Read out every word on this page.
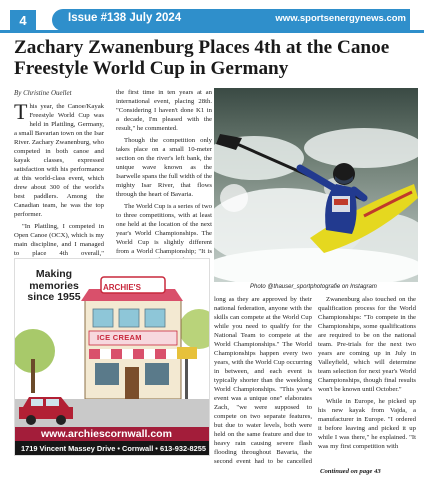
4	Issue #138 July 2024	www.sportsenergynews.com
Zachary Zwanenburg Places 4th at the Canoe Freestyle World Cup in Germany
By Christine Ouellet

This year, the Canoe/Kayak Freestyle World Cup was held in Plattling, Germany, a small Bavarian town on the Isar River. Zachary Zwanenburg, who competed in both canoe and kayak classes, expressed satisfaction with his performance at this world-class event, which drew about 300 of the world's best paddlers. Among the Canadian team, he was the top performer.

"In Plattling, I competed in Open Canoe (OCX), which is my main discipline, and I managed to place 4th overall,"

the first time in ten years at an international event, placing 28th. "Considering I haven't done K1 in a decade, I'm pleased with the result," he commented.

Though the competition only takes place on a small 10-meter section on the river's left bank, the unique wave known as the Isarwelle spans the full width of the mighty Isar River, that flows through the heart of Bavaria.

The World Cup is a series of two to three competitions, with at least one held at the location of the next year's World Championships. The World Cup is slightly different from a World Championship; "It is

Photo @thauser_sportphotografie on Instagram
Making memories since 1955
ARCHIE'S
ICE CREAM
www.archiescornwall.com
1719 Vincent Massey Drive • Cornwall • 613-932-8255

long as they are approved by their national federation, anyone with the skills can compete at the World Cup while you need to qualify for the National Team to compete at the World Championships." The World Championships happen every two years, with the World Cup occurring in between, and each event is typically shorter than the weeklong World Championships. "This year's event was a unique one" elaborates Zach, "we were supposed to compete on two separate features, but due to water levels, both were held on the same feature and due to heavy rain causing severe flash flooding throughout Bavaria, the second event had to be cancelled

Zwanenburg also touched on the qualification process for the World Championships: "To compete in the Championships, some qualifications are required to be on the national team. Pre-trials for the next two years are coming up in July in Valleyfield, which will determine team selection for next year's World Championships, though final results won't be known until October."

While in Europe, he picked up his new kayak from Vajda, a manufacturer in Europe. "I ordered it before leaving and picked it up while I was there," he explained. "It was my first competition with

Continued on page 43
